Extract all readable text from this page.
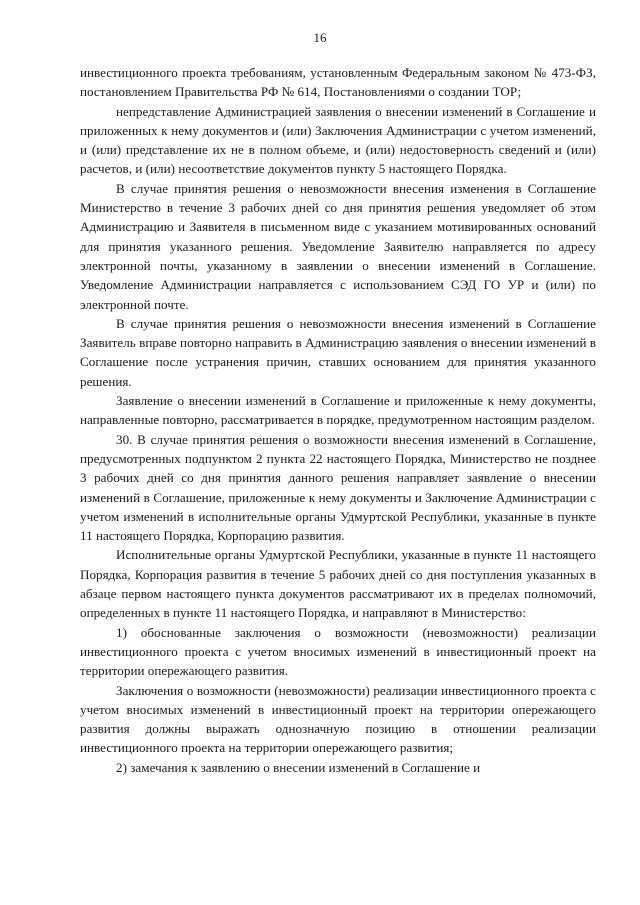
16

инвестиционного проекта требованиям, установленным Федеральным законом № 473-ФЗ, постановлением Правительства РФ № 614, Постановлениями о создании ТОР;

непредставление Администрацией заявления о внесении изменений в Соглашение и приложенных к нему документов и (или) Заключения Администрации с учетом изменений, и (или) представление их не в полном объеме, и (или) недостоверность сведений и (или) расчетов, и (или) несоответствие документов пункту 5 настоящего Порядка.

В случае принятия решения о невозможности внесения изменения в Соглашение Министерство в течение 3 рабочих дней со дня принятия решения уведомляет об этом Администрацию и Заявителя в письменном виде с указанием мотивированных оснований для принятия указанного решения. Уведомление Заявителю направляется по адресу электронной почты, указанному в заявлении о внесении изменений в Соглашение. Уведомление Администрации направляется с использованием СЭД ГО УР и (или) по электронной почте.

В случае принятия решения о невозможности внесения изменений в Соглашение Заявитель вправе повторно направить в Администрацию заявления о внесении изменений в Соглашение после устранения причин, ставших основанием для принятия указанного решения.

Заявление о внесении изменений в Соглашение и приложенные к нему документы, направленные повторно, рассматривается в порядке, предумотренном настоящим разделом.

30. В случае принятия решения о возможности внесения изменений в Соглашение, предусмотренных подпунктом 2 пункта 22 настоящего Порядка, Министерство не позднее 3 рабочих дней со дня принятия данного решения направляет заявление о внесении изменений в Соглашение, приложенные к нему документы и Заключение Администрации с учетом изменений в исполнительные органы Удмуртской Республики, указанные в пункте 11 настоящего Порядка, Корпорацию развития.

Исполнительные органы Удмуртской Республики, указанные в пункте 11 настоящего Порядка, Корпорация развития в течение 5 рабочих дней со дня поступления указанных в абзаце первом настоящего пункта документов рассматривают их в пределах полномочий, определенных в пункте 11 настоящего Порядка, и направляют в Министерство:

1) обоснованные заключения о возможности (невозможности) реализации инвестиционного проекта с учетом вносимых изменений в инвестиционный проект на территории опережающего развития.

Заключения о возможности (невозможности) реализации инвестиционного проекта с учетом вносимых изменений в инвестиционный проект на территории опережающего развития должны выражать однозначную позицию в отношении реализации инвестиционного проекта на территории опережающего развития;

2) замечания к заявлению о внесении изменений в Соглашение и
